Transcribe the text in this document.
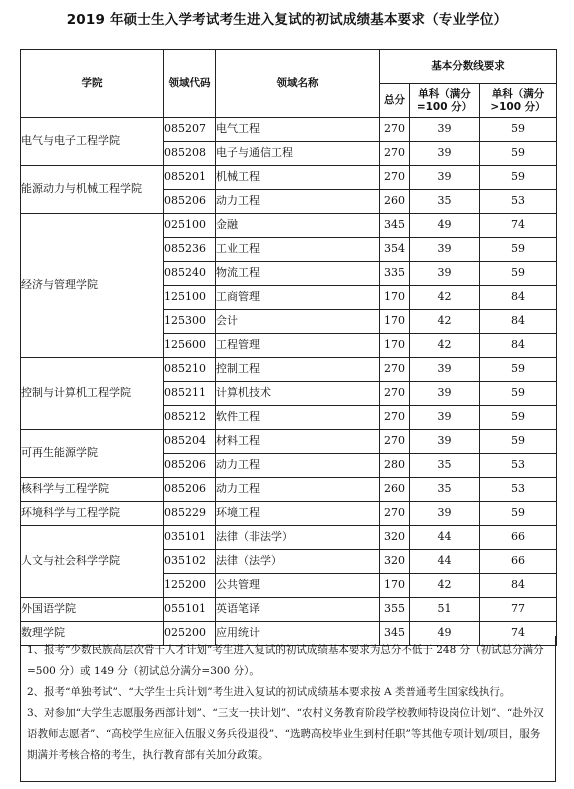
2019 年硕士生入学考试考生进入复试的初试成绩基本要求（专业学位）
学院	领域代码	领域名称	基本分数线要求		
			总分	单科（满分=100 分）	单科（满分>100 分）
电气与电子工程学院	085207	电气工程	270	39	59
	085208	电子与通信工程	270	39	59
能源动力与机械工程学院	085201	机械工程	270	39	59
	085206	动力工程	260	35	53
经济与管理学院	025100	金融	345	49	74
	085236	工业工程	354	39	59
	085240	物流工程	335	39	59
	125100	工商管理	170	42	84
	125300	会计	170	42	84
	125600	工程管理	170	42	84
控制与计算机工程学院	085210	控制工程	270	39	59
	085211	计算机技术	270	39	59
	085212	软件工程	270	39	59
可再生能源学院	085204	材料工程	270	39	59
	085206	动力工程	280	35	53
核科学与工程学院	085206	动力工程	260	35	53
环境科学与工程学院	085229	环境工程	270	39	59
人文与社会科学学院	035101	法律（非法学）	320	44	66
	035102	法律（法学）	320	44	66
	125200	公共管理	170	42	84
外国语学院	055101	英语笔译	355	51	77
数理学院	025200	应用统计	345	49	74

1、报考“少数民族高层次骨干人才计划”考生进入复试的初试成绩基本要求为总分不低于 248 分（初试总分满分=500 分）或 149 分（初试总分满分=300 分）。

2、报考“单独考试”、“大学生士兵计划”考生进入复试的初试成绩基本要求按 A 类普通考生国家线执行。

3、对参加“大学生志愿服务西部计划”、“三支一扶计划”、“农村义务教育阶段学校教师特设岗位计划”、“赴外汉语教师志愿者”、“高校学生应征入伍服义务兵役退役”、“选聘高校毕业生到村任职”等其他专项计划/项目，服务期满并考核合格的考生，执行教育部有关加分政策。
